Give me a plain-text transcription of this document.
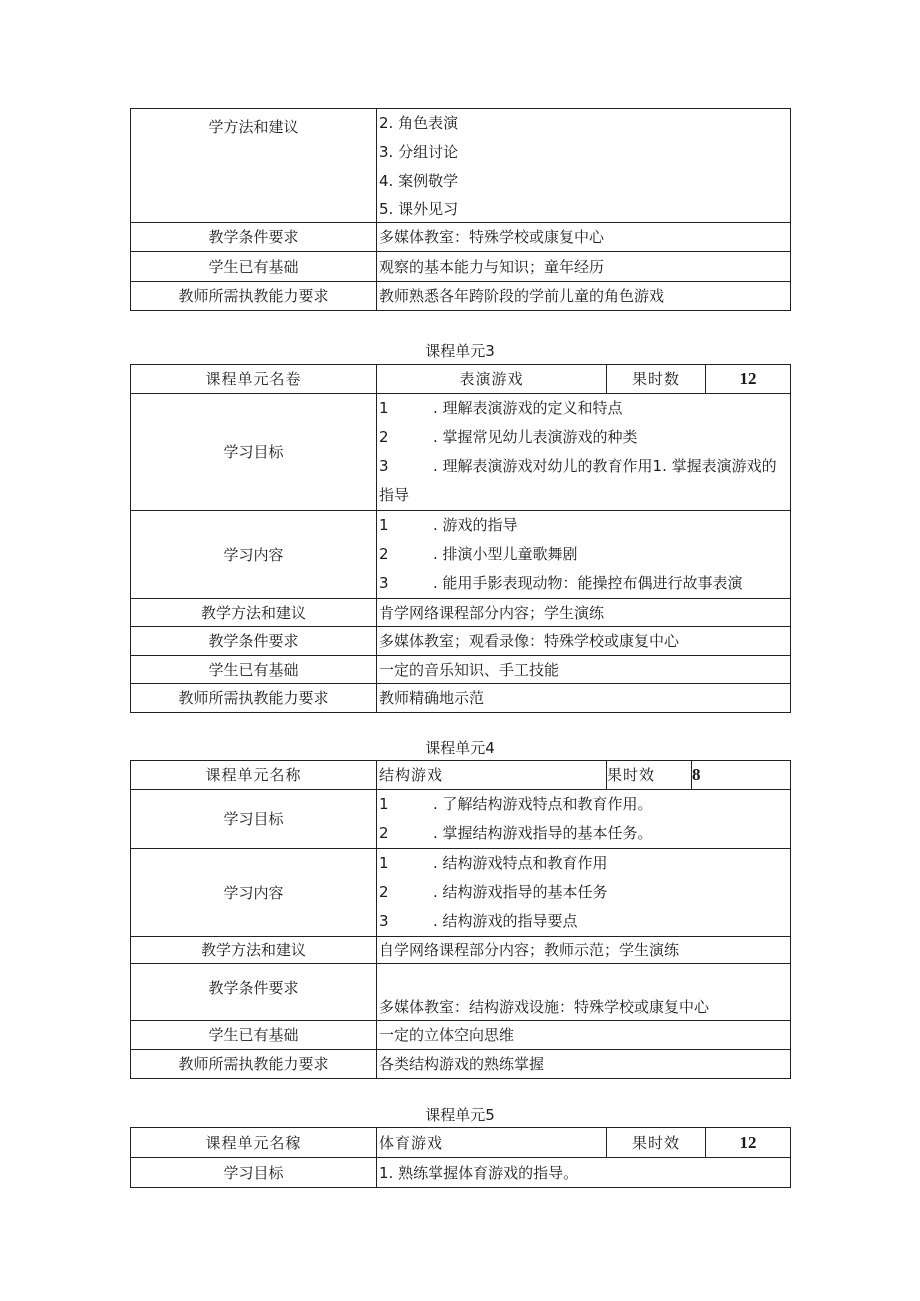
学方法和建议	2. 角色表演
3. 分组讨论
4. 案例敬学
5. 课外见习

教学条件要求	多媒体教室：特殊学校或康复中心
学生已有基础	观察的基本能力与知识；童年经历
教师所需执教能力要求	教师熟悉各年跨阶段的学前儿童的角色游戏
课程单元3
课程单元名卷	表演游戏	果时数	12
学习目标	1 . 理解表演游戏的定义和特点
2 . 掌握常见幼儿表演游戏的种类
3 . 理解表演游戏对幼儿的教育作用1. 掌握表演游戏的指导		

学习内容	1 . 游戏的指导
2 . 排演小型儿童歌舞剧
3 . 能用手影表现动物：能操控布偶进行故事表演		

教学方法和建议	肯学网络课程部分内容；学生演练		
教学条件要求	多媒体教室；观看录像：特殊学校或康复中心		
学生已有基础	一定的音乐知识、手工技能		
教师所需执教能力要求	教师精确地示范		
课程单元4
课程单元名称	结构游戏	果时效	8
学习目标	1 . 了解结构游戏特点和教育作用。
2 . 掌握结构游戏指导的基本任务。		

学习内容	1 . 结构游戏特点和教育作用
2 . 结构游戏指导的基本任务
3 . 结构游戏的指导要点		

教学方法和建议	自学网络课程部分内容；教师示范；学生演练		
教学条件要求	多媒体教室：结构游戏设施：特殊学校或康复中心		
学生已有基础	一定的立体空向思维		
教师所需执教能力要求	各类结构游戏的熟练掌握		
课程单元5
课程单元名稼	体育游戏	果时效	12
学习目标	1. 熟练掌握体育游戏的指导。		
